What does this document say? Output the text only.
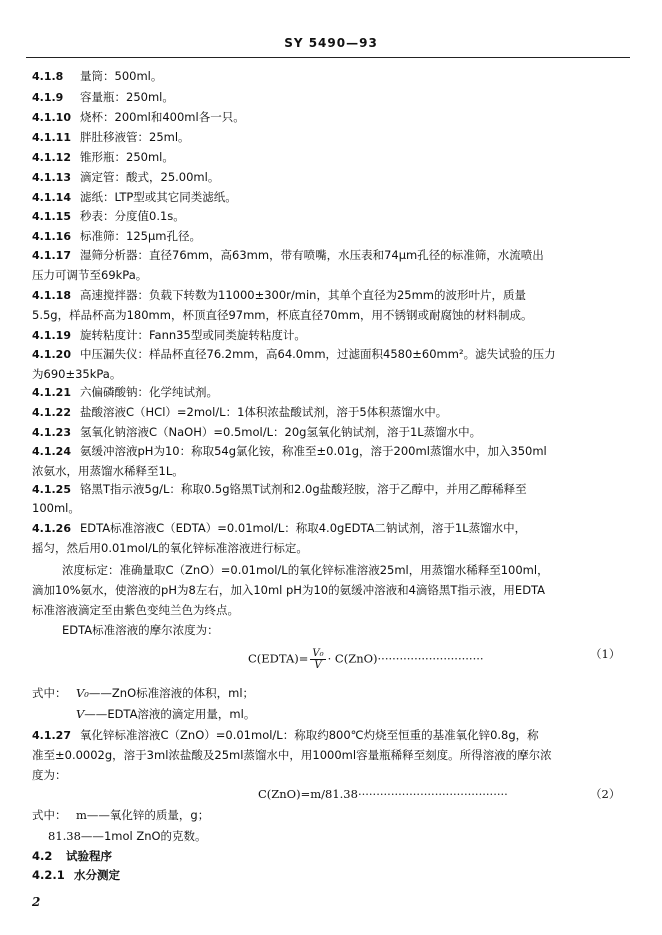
SY 5490—93
4.1.8 量筒：500ml。
4.1.9 容量瓶：250ml。
4.1.10 烧杯：200ml和400ml各一只。
4.1.11 胖肚移液管：25ml。
4.1.12 锥形瓶：250ml。
4.1.13 滴定管：酸式，25.00ml。
4.1.14 滤纸：LTP型或其它同类滤纸。
4.1.15 秒表：分度值0.1s。
4.1.16 标准筛：125μm孔径。
4.1.17 湿筛分析器：直径76mm，高63mm，带有喷嘴，水压表和74μm孔径的标准筛，水流喷出
压力可调节至69kPa。
4.1.18 高速搅拌器：负载下转数为11000±300r/min，其单个直径为25mm的波形叶片，质量
5.5g，样品杯高为180mm，杯顶直径97mm，杯底直径70mm，用不锈钢或耐腐蚀的材料制成。
4.1.19 旋转粘度计：Fann35型或同类旋转粘度计。
4.1.20 中压漏失仪：样品杯直径76.2mm，高64.0mm，过滤面积4580±60mm²。滤失试验的压力
为690±35kPa。
4.1.21 六偏磷酸钠：化学纯试剂。
4.1.22 盐酸溶液C（HCl）=2mol/L：1体积浓盐酸试剂，溶于5体积蒸馏水中。
4.1.23 氢氧化钠溶液C（NaOH）=0.5mol/L：20g氢氧化钠试剂，溶于1L蒸馏水中。
4.1.24 氨缓冲溶液pH为10：称取54g氯化铵，称准至±0.01g，溶于200ml蒸馏水中，加入350ml
浓氨水，用蒸馏水稀释至1L。
4.1.25 铬黑T指示液5g/L：称取0.5g铬黑T试剂和2.0g盐酸羟胺，溶于乙醇中，并用乙醇稀释至
100ml。
4.1.26 EDTA标准溶液C（EDTA）=0.01mol/L：称取4.0gEDTA二钠试剂，溶于1L蒸馏水中，
摇匀，然后用0.01mol/L的氧化锌标准溶液进行标定。
浓度标定：准确量取C（ZnO）=0.01mol/L的氧化锌标准溶液25ml，用蒸馏水稀释至100ml，
滴加10%氨水，使溶液的pH为8左右，加入10ml pH为10的氨缓冲溶液和4滴铬黑T指示液，用EDTA
标准溶液滴定至由紫色变纯兰色为终点。
EDTA标准溶液的摩尔浓度为：
C(EDTA)= $\frac{\text{V₀}}{V} \cdot C(ZnO)\cdot\cdot\cdot\cdot\cdot\cdot\cdot\cdot\cdot\cdot\cdot\cdot\cdot\cdot\cdot\cdot\cdot\cdot\cdot\cdot\cdot\cdot\cdot\cdot\cdot\cdot\cdot\cdot\cdot$	（1）
式中： V₀——ZnO标准溶液的体积，ml；
V——EDTA溶液的滴定用量，ml。
4.1.27 氧化锌标准溶液C（ZnO）=0.01mol/L：称取约800℃灼烧至恒重的基准氧化锌0.8g，称
准至±0.0002g，溶于3ml浓盐酸及25ml蒸馏水中，用1000ml容量瓶稀释至刻度。所得溶液的摩尔浓
度为：
C(ZnO)=m/81.38·········································	（2）
式中： m——氧化锌的质量，g；
81.38——1mol ZnO的克数。
4.2 试验程序
4.2.1 水分测定
2
